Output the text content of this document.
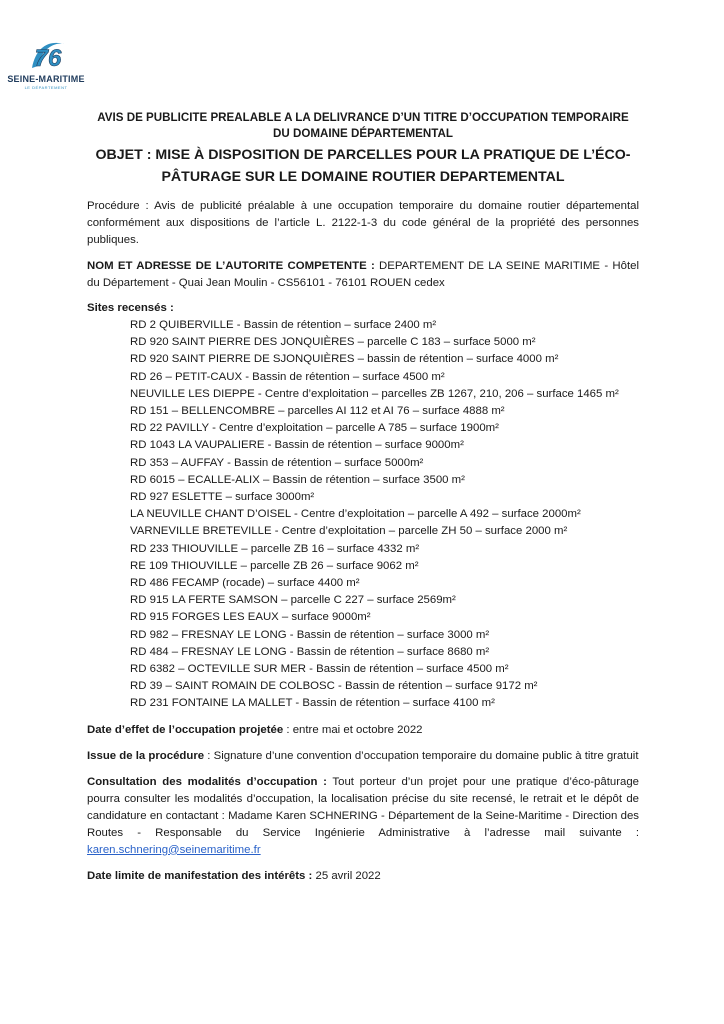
76
SEINE-MARITIME
LE DÉPARTEMENT

AVIS DE PUBLICITE PREALABLE A LA DELIVRANCE D’UN TITRE D’OCCUPATION TEMPORAIRE
DU DOMAINE DÉPARTEMENTAL

OBJET : MISE À DISPOSITION DE PARCELLES POUR LA PRATIQUE DE L’ÉCO-
PÂTURAGE SUR LE DOMAINE ROUTIER DEPARTEMENTAL

Procédure : Avis de publicité préalable à une occupation temporaire du domaine routier départemental conformément aux dispositions de l’article L. 2122-1-3 du code général de la propriété des personnes publiques.

NOM ET ADRESSE DE L’AUTORITE COMPETENTE : DEPARTEMENT DE LA SEINE MARITIME - Hôtel du Département - Quai Jean Moulin - CS56101 - 76101 ROUEN cedex

Sites recensés :

RD 2 QUIBERVILLE - Bassin de rétention – surface 2400 m²
RD 920 SAINT PIERRE DES JONQUIÈRES – parcelle C 183 – surface 5000 m²
RD 920 SAINT PIERRE DE SJONQUIÈRES – bassin de rétention – surface 4000 m²
RD 26 – PETIT-CAUX - Bassin de rétention – surface 4500 m²
NEUVILLE LES DIEPPE - Centre d’exploitation – parcelles ZB 1267, 210, 206 – surface 1465 m²
RD 151 – BELLENCOMBRE – parcelles AI 112 et AI 76 – surface 4888 m²
RD 22 PAVILLY - Centre d’exploitation – parcelle A 785 – surface 1900m²
RD 1043 LA VAUPALIERE - Bassin de rétention – surface 9000m²
RD 353 – AUFFAY - Bassin de rétention – surface 5000m²
RD 6015 – ECALLE-ALIX – Bassin de rétention – surface 3500 m²
RD 927 ESLETTE – surface 3000m²
LA NEUVILLE CHANT D’OISEL - Centre d’exploitation – parcelle A 492 – surface 2000m²
VARNEVILLE BRETEVILLE - Centre d’exploitation – parcelle ZH 50 – surface 2000 m²
RD 233 THIOUVILLE – parcelle ZB 16 – surface 4332 m²
RE 109 THIOUVILLE – parcelle ZB 26 – surface 9062 m²
RD 486 FECAMP (rocade) – surface 4400 m²
RD 915 LA FERTE SAMSON – parcelle C 227 – surface 2569m²
RD 915 FORGES LES EAUX – surface 9000m²
RD 982 – FRESNAY LE LONG - Bassin de rétention – surface 3000 m²
RD 484 – FRESNAY LE LONG - Bassin de rétention – surface 8680 m²
RD 6382 – OCTEVILLE SUR MER - Bassin de rétention – surface 4500 m²
RD 39 – SAINT ROMAIN DE COLBOSC - Bassin de rétention – surface 9172 m²
RD 231 FONTAINE LA MALLET - Bassin de rétention – surface 4100 m²

Date d’effet de l’occupation projetée : entre mai et octobre 2022

Issue de la procédure : Signature d’une convention d’occupation temporaire du domaine public à titre gratuit

Consultation des modalités d’occupation : Tout porteur d’un projet pour une pratique d’éco-pâturage pourra consulter les modalités d’occupation, la localisation précise du site recensé, le retrait et le dépôt de candidature en contactant : Madame Karen SCHNERING - Département de la Seine-Maritime - Direction des Routes - Responsable du Service Ingénierie Administrative à l’adresse mail suivante : karen.schnering@seinemaritime.fr

Date limite de manifestation des intérêts : 25 avril 2022
